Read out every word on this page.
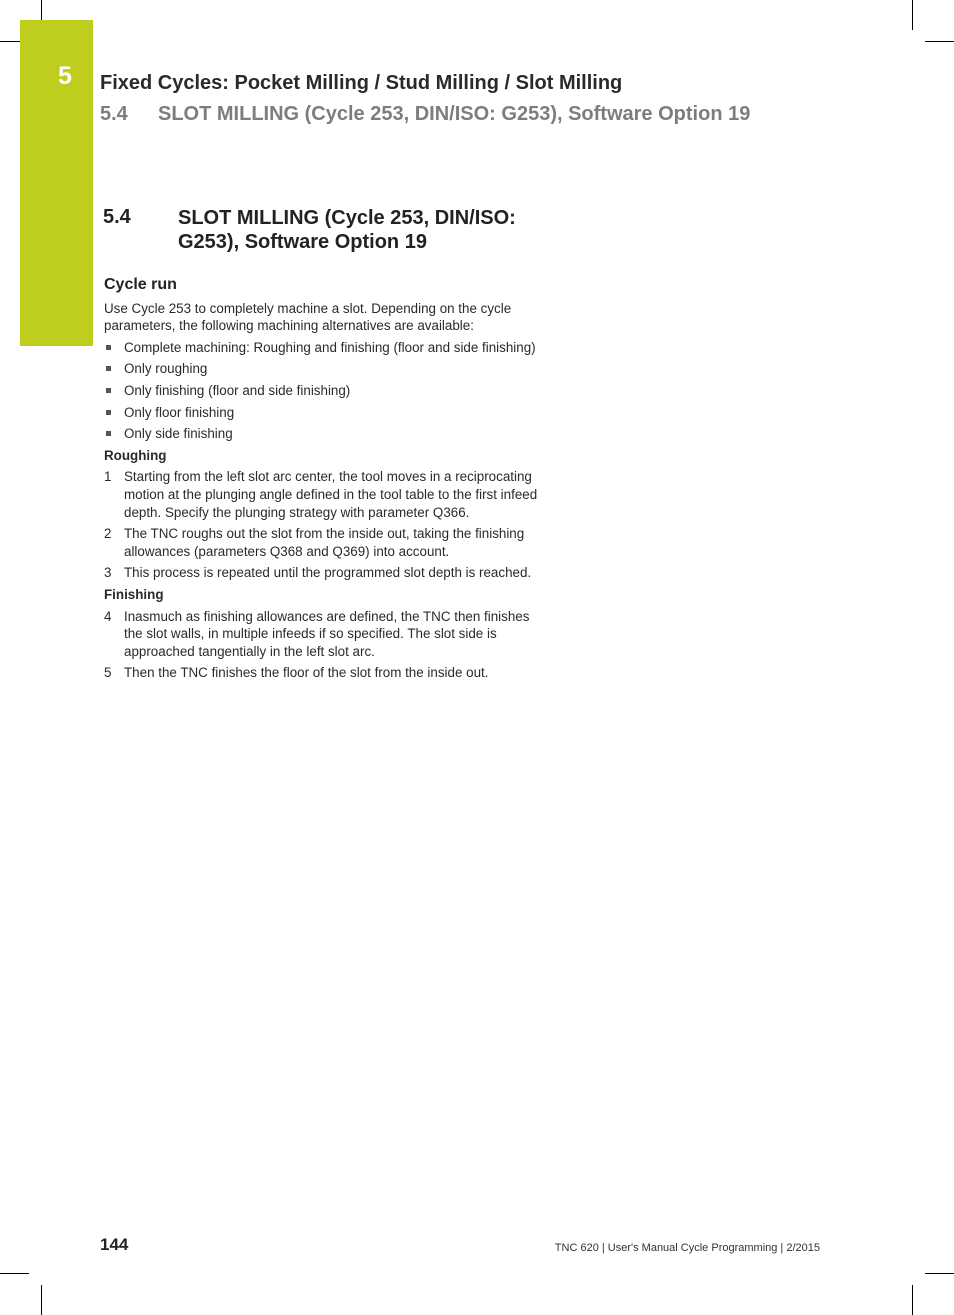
5	Fixed Cycles: Pocket Milling / Stud Milling / Slot Milling
5.4 SLOT MILLING (Cycle 253, DIN/ISO: G253), Software Option 19
5.4 SLOT MILLING (Cycle 253, DIN/ISO: G253), Software Option 19
Cycle run

Use Cycle 253 to completely machine a slot. Depending on the cycle parameters, the following machining alternatives are available:

Complete machining: Roughing and finishing (floor and side finishing)
Only roughing
Only finishing (floor and side finishing)
Only floor finishing
Only side finishing
Roughing
1 Starting from the left slot arc center, the tool moves in a reciprocating motion at the plunging angle defined in the tool table to the first infeed depth. Specify the plunging strategy with parameter Q366.
2 The TNC roughs out the slot from the inside out, taking the finishing allowances (parameters Q368 and Q369) into account.
3 This process is repeated until the programmed slot depth is reached.
Finishing
4 Inasmuch as finishing allowances are defined, the TNC then finishes the slot walls, in multiple infeeds if so specified. The slot side is approached tangentially in the left slot arc.
5 Then the TNC finishes the floor of the slot from the inside out.
144	TNC 620 | User's Manual Cycle Programming | 2/2015
